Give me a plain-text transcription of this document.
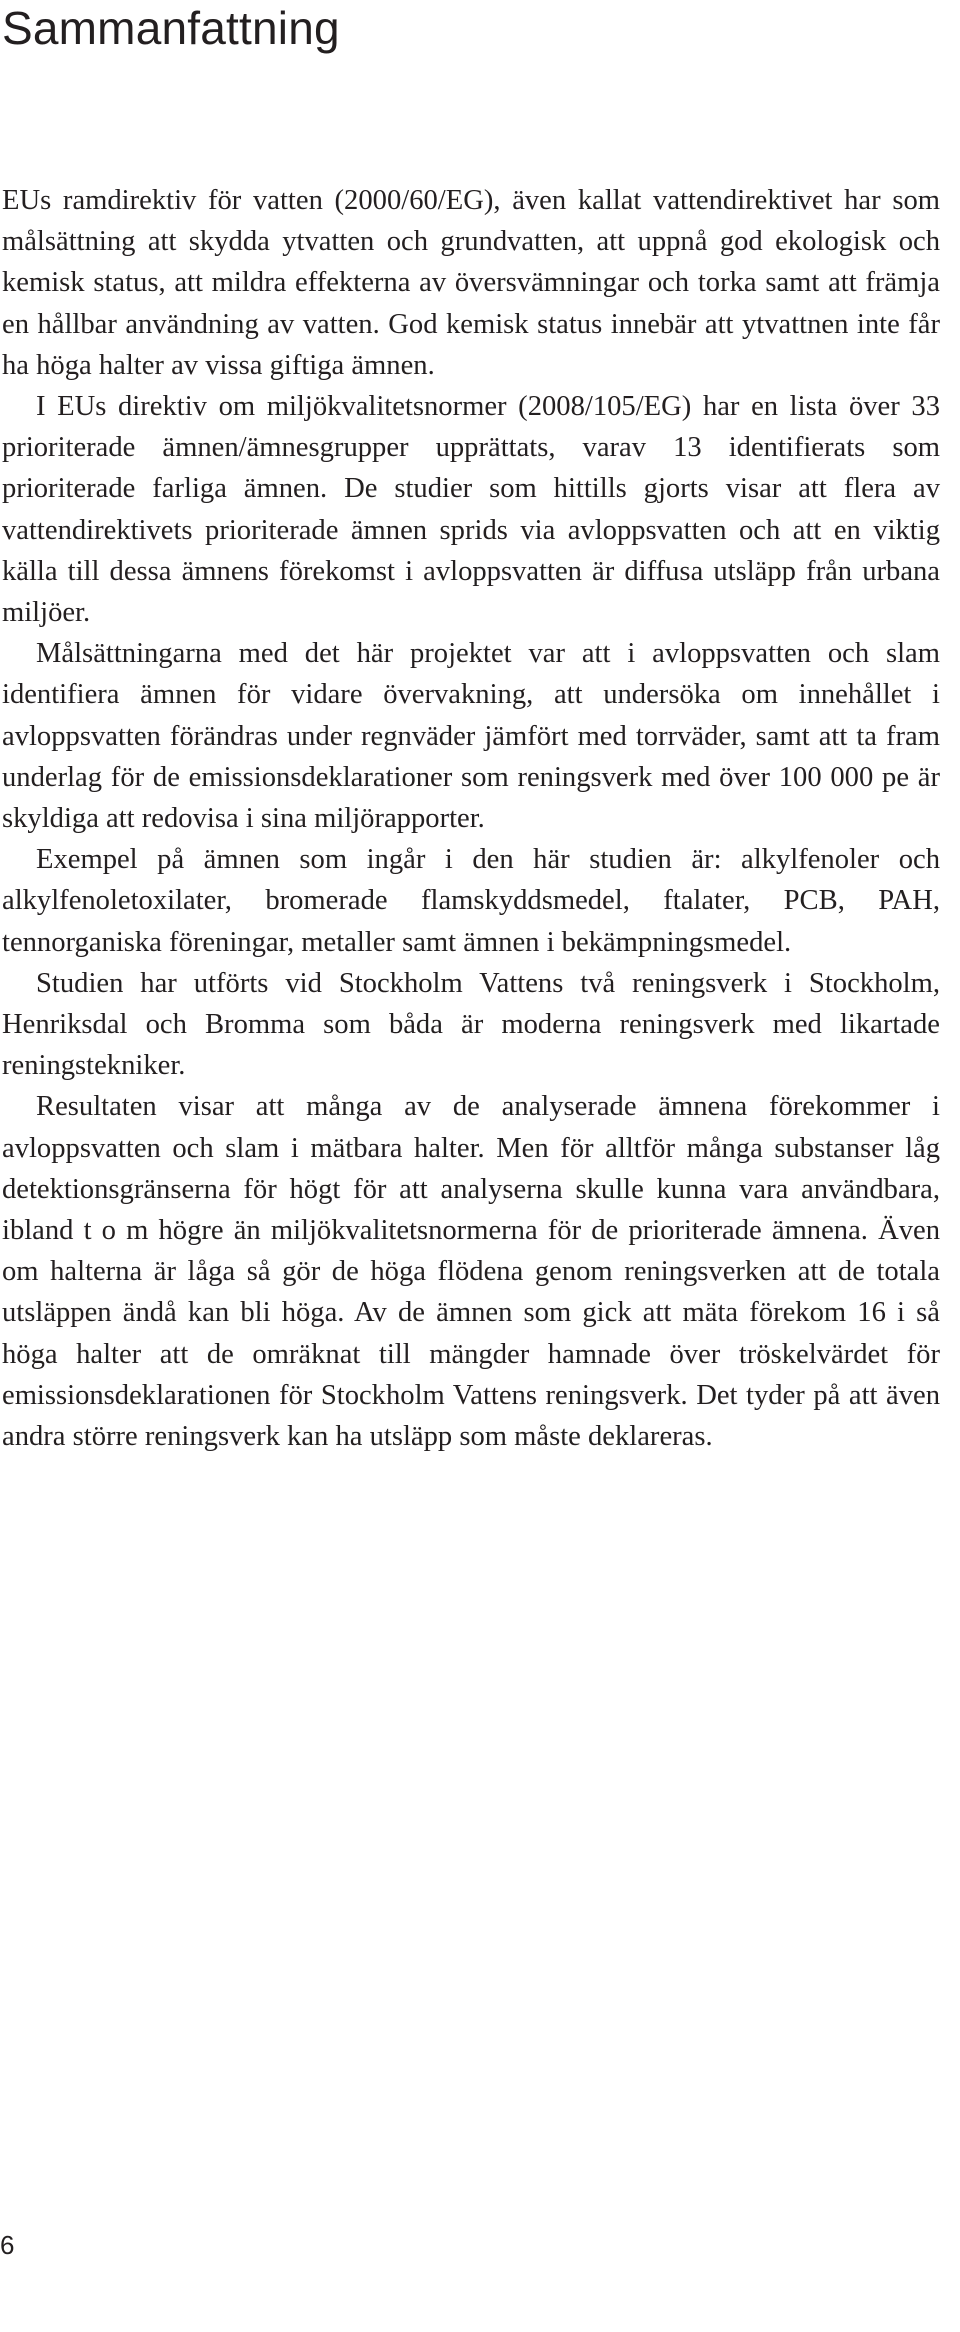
Sammanfattning

EUs ramdirektiv för vatten (2000/60/EG), även kallat vattendirektivet har som målsättning att skydda ytvatten och grundvatten, att uppnå god ekologisk och kemisk status, att mildra effekterna av översvämningar och torka samt att främja en hållbar användning av vatten. God kemisk status innebär att ytvattnen inte får ha höga halter av vissa giftiga ämnen.

I EUs direktiv om miljökvalitetsnormer (2008/105/EG) har en lista över 33 prioriterade ämnen/ämnesgrupper upprättats, varav 13 identifierats som prioriterade farliga ämnen. De studier som hittills gjorts visar att flera av vattendirektivets prioriterade ämnen sprids via avloppsvatten och att en viktig källa till dessa ämnens förekomst i avloppsvatten är diffusa utsläpp från urbana miljöer.

Målsättningarna med det här projektet var att i avloppsvatten och slam identifiera ämnen för vidare övervakning, att undersöka om innehållet i avloppsvatten förändras under regnväder jämfört med torrväder, samt att ta fram underlag för de emissionsdeklarationer som reningsverk med över 100 000 pe är skyldiga att redovisa i sina miljörapporter.

Exempel på ämnen som ingår i den här studien är: alkylfenoler och alkylfenoletoxilater, bromerade flamskyddsmedel, ftalater, PCB, PAH, tennorganiska föreningar, metaller samt ämnen i bekämpningsmedel.

Studien har utförts vid Stockholm Vattens två reningsverk i Stockholm, Henriksdal och Bromma som båda är moderna reningsverk med likartade reningstekniker.

Resultaten visar att många av de analyserade ämnena förekommer i avloppsvatten och slam i mätbara halter. Men för alltför många substanser låg detektionsgränserna för högt för att analyserna skulle kunna vara användbara, ibland t o m högre än miljökvalitetsnormerna för de prioriterade ämnena. Även om halterna är låga så gör de höga flödena genom reningsverken att de totala utsläppen ändå kan bli höga. Av de ämnen som gick att mäta förekom 16 i så höga halter att de omräknat till mängder hamnade över tröskelvärdet för emissionsdeklarationen för Stockholm Vattens reningsverk. Det tyder på att även andra större reningsverk kan ha utsläpp som måste deklareras.

6
